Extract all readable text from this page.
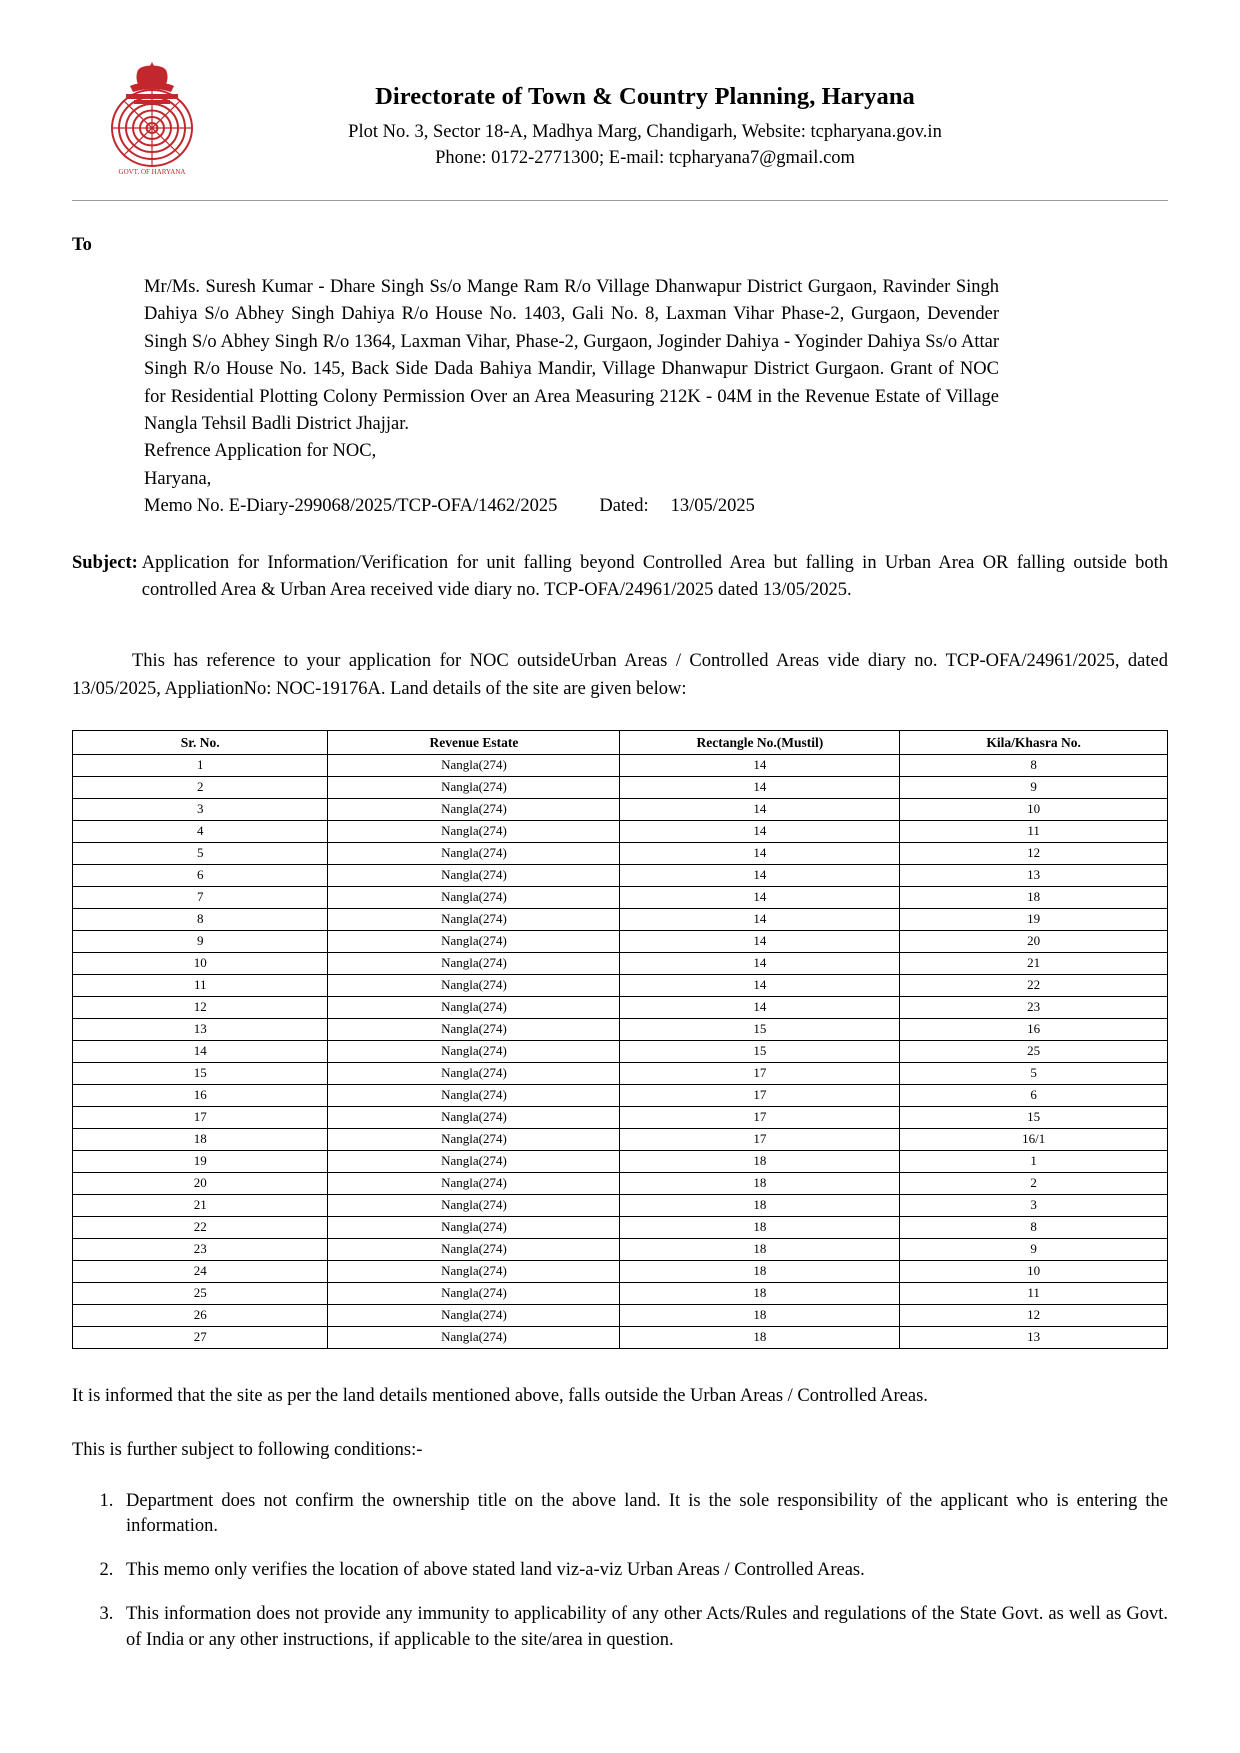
GOVT. OF HARYANA
Directorate of Town & Country Planning, Haryana
Plot No. 3, Sector 18-A, Madhya Marg, Chandigarh, Website: tcpharyana.gov.in
Phone: 0172-2771300; E-mail: tcpharyana7@gmail.com
To
Mr/Ms. Suresh Kumar - Dhare Singh Ss/o Mange Ram R/o Village Dhanwapur District Gurgaon, Ravinder Singh Dahiya S/o Abhey Singh Dahiya R/o House No. 1403, Gali No. 8, Laxman Vihar Phase-2, Gurgaon, Devender Singh S/o Abhey Singh R/o 1364, Laxman Vihar, Phase-2, Gurgaon, Joginder Dahiya - Yoginder Dahiya Ss/o Attar Singh R/o House No. 145, Back Side Dada Bahiya Mandir, Village Dhanwapur District Gurgaon. Grant of NOC for Residential Plotting Colony Permission Over an Area Measuring 212K - 04M in the Revenue Estate of Village Nangla Tehsil Badli District Jhajjar.
Refrence Application for NOC,
Haryana,
Memo No. E-Diary-299068/2025/TCP-OFA/1462/2025 Dated: 13/05/2025
Subject: Application for Information/Verification for unit falling beyond Controlled Area but falling in Urban Area OR falling outside both controlled Area & Urban Area received vide diary no. TCP-OFA/24961/2025 dated 13/05/2025.
This has reference to your application for NOC outsideUrban Areas / Controlled Areas vide diary no. TCP-OFA/24961/2025, dated 13/05/2025, AppliationNo: NOC-19176A. Land details of the site are given below:
Sr. No.	Revenue Estate	Rectangle No.(Mustil)	Kila/Khasra No.
1	Nangla(274)	14	8
2	Nangla(274)	14	9
3	Nangla(274)	14	10
4	Nangla(274)	14	11
5	Nangla(274)	14	12
6	Nangla(274)	14	13
7	Nangla(274)	14	18
8	Nangla(274)	14	19
9	Nangla(274)	14	20
10	Nangla(274)	14	21
11	Nangla(274)	14	22
12	Nangla(274)	14	23
13	Nangla(274)	15	16
14	Nangla(274)	15	25
15	Nangla(274)	17	5
16	Nangla(274)	17	6
17	Nangla(274)	17	15
18	Nangla(274)	17	16/1
19	Nangla(274)	18	1
20	Nangla(274)	18	2
21	Nangla(274)	18	3
22	Nangla(274)	18	8
23	Nangla(274)	18	9
24	Nangla(274)	18	10
25	Nangla(274)	18	11
26	Nangla(274)	18	12
27	Nangla(274)	18	13
It is informed that the site as per the land details mentioned above, falls outside the Urban Areas / Controlled Areas.
This is further subject to following conditions:-
1. Department does not confirm the ownership title on the above land. It is the sole responsibility of the applicant who is entering the information.
2. This memo only verifies the location of above stated land viz-a-viz Urban Areas / Controlled Areas.
3. This information does not provide any immunity to applicability of any other Acts/Rules and regulations of the State Govt. as well as Govt. of India or any other instructions, if applicable to the site/area in question.
